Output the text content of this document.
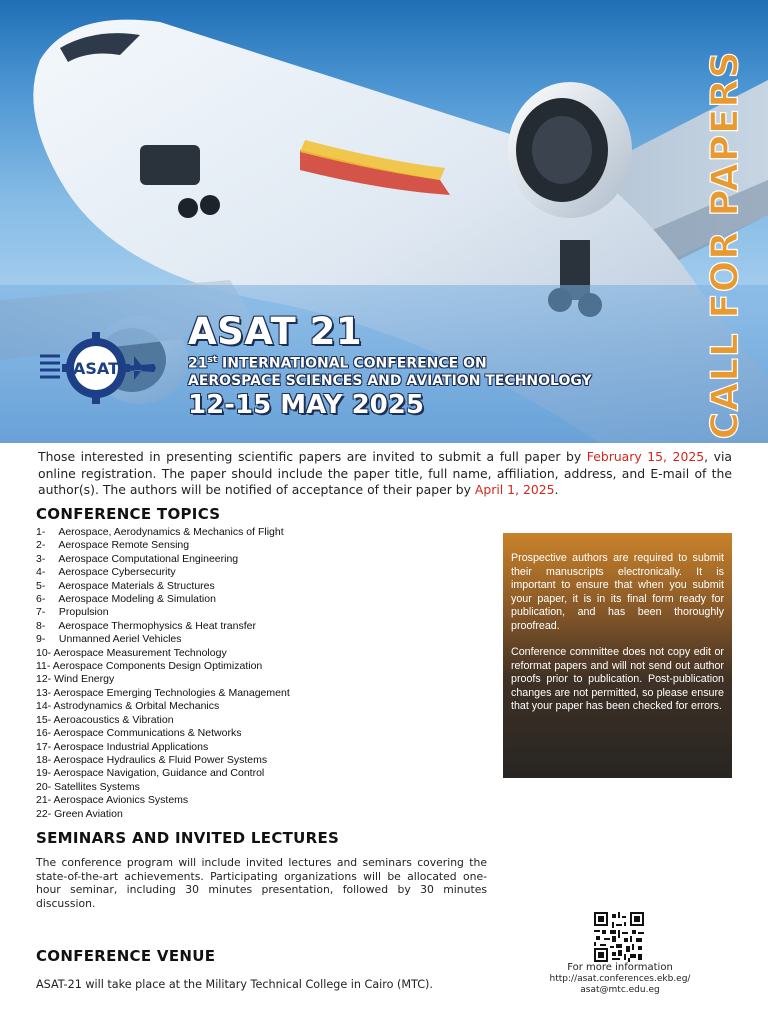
ASAT
ASAT 21
21st INTERNATIONAL CONFERENCE ON
AEROSPACE SCIENCES AND AVIATION TECHNOLOGY
12-15 MAY 2025	CALL FOR PAPERS

Those interested in presenting scientific papers are invited to submit a full paper by February 15, 2025, via online registration. The paper should include the paper title, full name, affiliation, address, and E-mail of the author(s). The authors will be notified of acceptance of their paper by April 1, 2025.

CONFERENCE TOPICS
1- Aerospace, Aerodynamics & Mechanics of Flight
2- Aerospace Remote Sensing
3- Aerospace Computational Engineering
4- Aerospace Cybersecurity
5- Aerospace Materials & Structures
6- Aerospace Modeling & Simulation
7- Propulsion
8- Aerospace Thermophysics & Heat transfer
9- Unmanned Aeriel Vehicles
10- Aerospace Measurement Technology
11- Aerospace Components Design Optimization
12- Wind Energy
13- Aerospace Emerging Technologies & Management
14- Astrodynamics & Orbital Mechanics
15- Aeroacoustics & Vibration
16- Aerospace Communications & Networks
17- Aerospace Industrial Applications
18- Aerospace Hydraulics & Fluid Power Systems
19- Aerospace Navigation, Guidance and Control
20- Satellites Systems
21- Aerospace Avionics Systems
22- Green Aviation

Prospective authors are required to submit their manuscripts electronically. It is important to ensure that when you submit your paper, it is in its final form ready for publication, and has been thoroughly proofread.

Conference committee does not copy edit or reformat papers and will not send out author proofs prior to publication. Post-publication changes are not permitted, so please ensure that your paper has been checked for errors.

SEMINARS AND INVITED LECTURES

The conference program will include invited lectures and seminars covering the state-of-the-art achievements. Participating organizations will be allocated one-hour seminar, including 30 minutes presentation, followed by 30 minutes discussion.

CONFERENCE VENUE

ASAT-21 will take place at the Military Technical College in Cairo (MTC).

For more information
http://asat.conferences.ekb.eg/
asat@mtc.edu.eg
